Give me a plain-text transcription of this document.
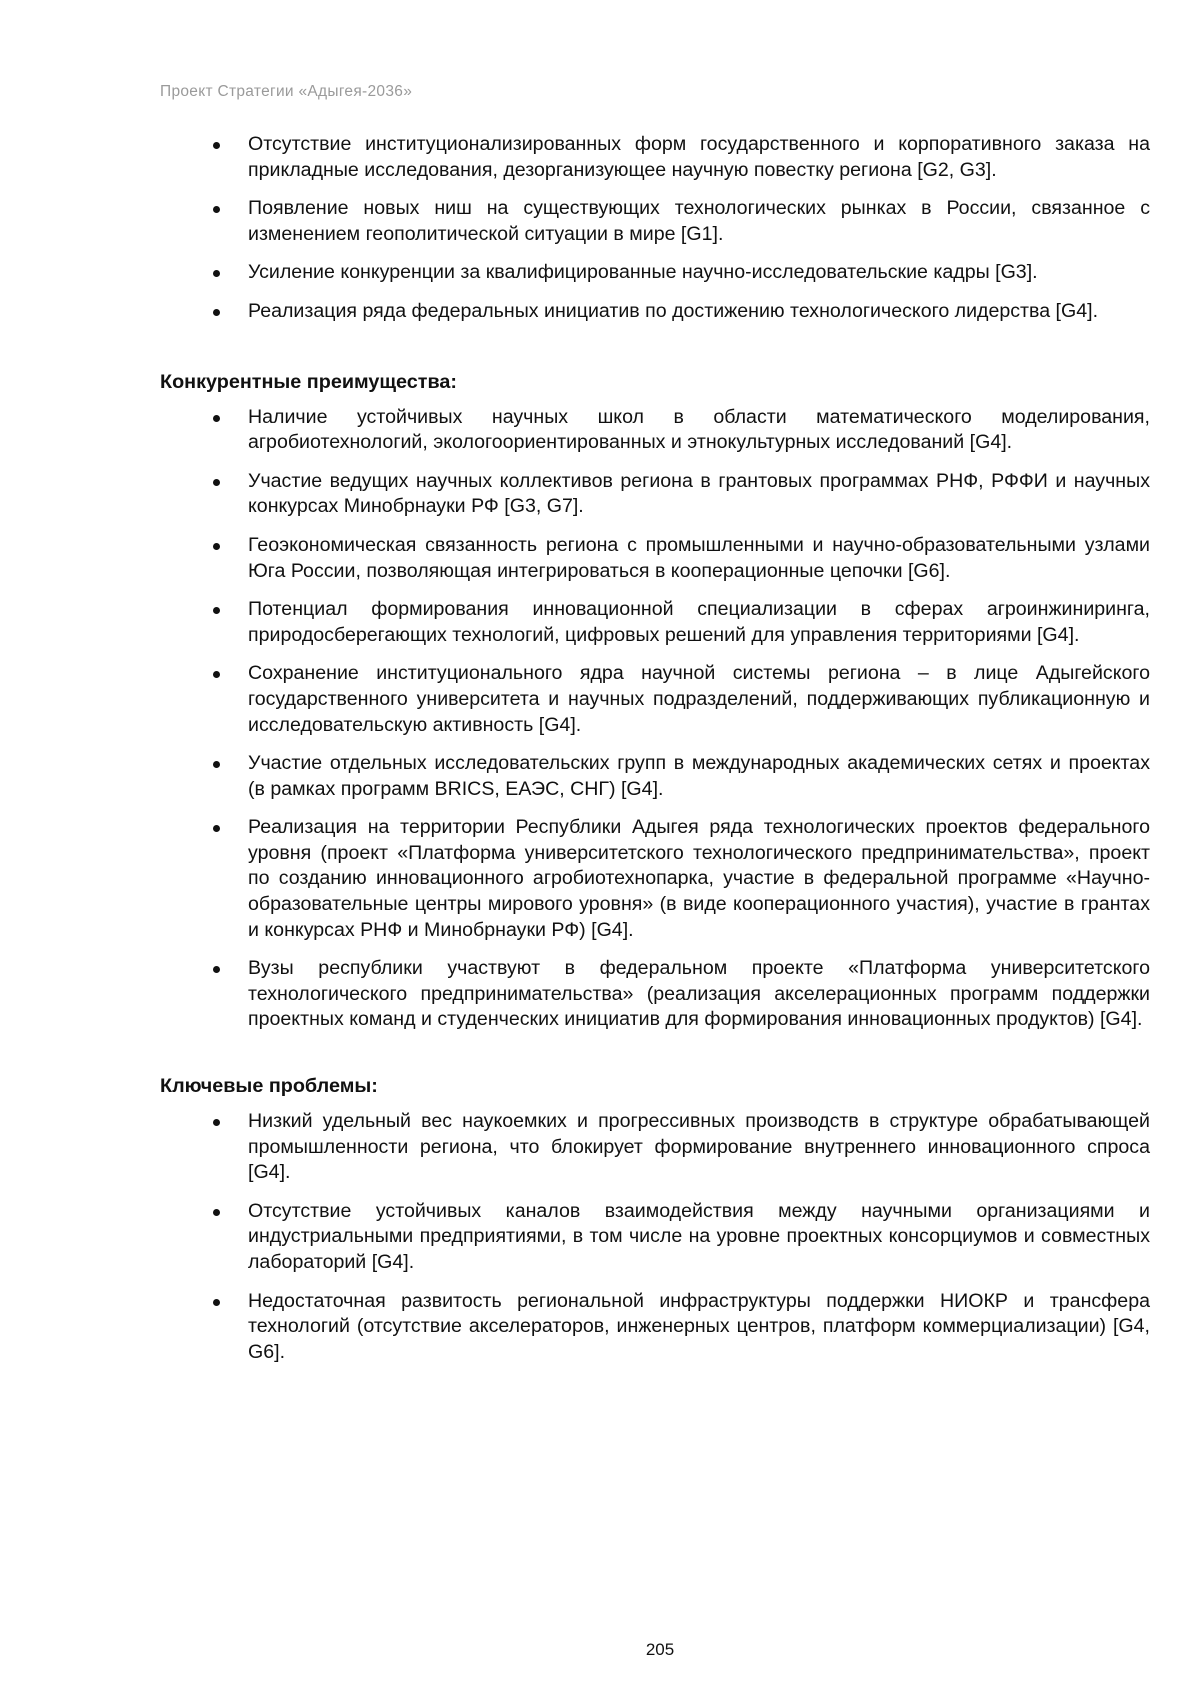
Проект Стратегии «Адыгея-2036»
Отсутствие институционализированных форм государственного и корпоративного заказа на прикладные исследования, дезорганизующее научную повестку региона [G2, G3].
Появление новых ниш на существующих технологических рынках в России, связанное с изменением геополитической ситуации в мире [G1].
Усиление конкуренции за квалифицированные научно-исследовательские кадры [G3].
Реализация ряда федеральных инициатив по достижению технологического лидерства [G4].
Конкурентные преимущества:
Наличие устойчивых научных школ в области математического моделирования, агробиотехнологий, экологоориентированных и этнокультурных исследований [G4].
Участие ведущих научных коллективов региона в грантовых программах РНФ, РФФИ и научных конкурсах Минобрнауки РФ [G3, G7].
Геоэкономическая связанность региона с промышленными и научно-образовательными узлами Юга России, позволяющая интегрироваться в кооперационные цепочки [G6].
Потенциал формирования инновационной специализации в сферах агроинжиниринга, природосберегающих технологий, цифровых решений для управления территориями [G4].
Сохранение институционального ядра научной системы региона – в лице Адыгейского государственного университета и научных подразделений, поддерживающих публикационную и исследовательскую активность [G4].
Участие отдельных исследовательских групп в международных академических сетях и проектах (в рамках программ BRICS, ЕАЭС, СНГ) [G4].
Реализация на территории Республики Адыгея ряда технологических проектов федерального уровня (проект «Платформа университетского технологического предпринимательства», проект по созданию инновационного агробиотехнопарка, участие в федеральной программе «Научно-образовательные центры мирового уровня» (в виде кооперационного участия), участие в грантах и конкурсах РНФ и Минобрнауки РФ) [G4].
Вузы республики участвуют в федеральном проекте «Платформа университетского технологического предпринимательства» (реализация акселерационных программ поддержки проектных команд и студенческих инициатив для формирования инновационных продуктов) [G4].
Ключевые проблемы:
Низкий удельный вес наукоемких и прогрессивных производств в структуре обрабатывающей промышленности региона, что блокирует формирование внутреннего инновационного спроса [G4].
Отсутствие устойчивых каналов взаимодействия между научными организациями и индустриальными предприятиями, в том числе на уровне проектных консорциумов и совместных лабораторий [G4].
Недостаточная развитость региональной инфраструктуры поддержки НИОКР и трансфера технологий (отсутствие акселераторов, инженерных центров, платформ коммерциализации) [G4, G6].
205
